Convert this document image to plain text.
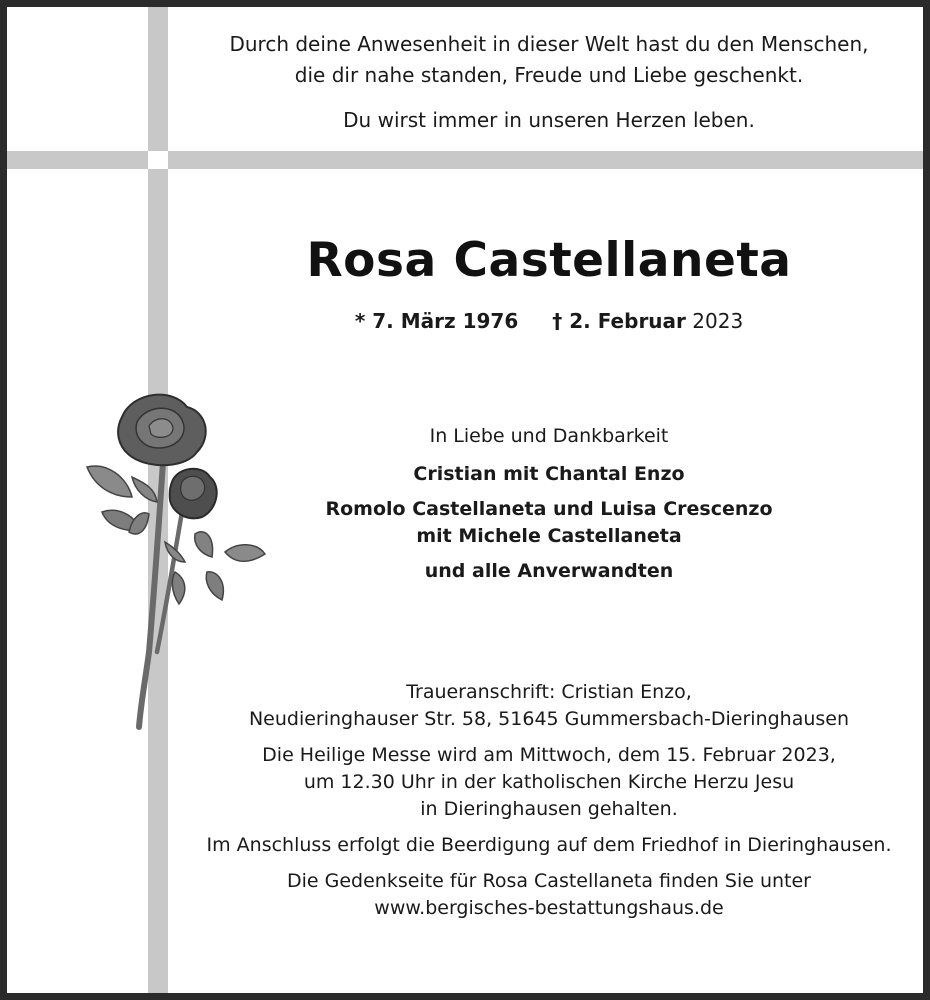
Durch deine Anwesenheit in dieser Welt hast du den Menschen,

die dir nahe standen, Freude und Liebe geschenkt.

Du wirst immer in unseren Herzen leben.

Rosa Castellaneta
* 7. März 1976 † 2. Februar 2023

In Liebe und Dankbarkeit

Cristian mit Chantal Enzo

Romolo Castellaneta und Luisa Crescenzo

mit Michele Castellaneta

und alle Anverwandten

Traueranschrift: Cristian Enzo,
Neudieringhauser Str. 58, 51645 Gummersbach-Dieringhausen

Die Heilige Messe wird am Mittwoch, dem 15. Februar 2023,
um 12.30 Uhr in der katholischen Kirche Herzu Jesu
in Dieringhausen gehalten.

Im Anschluss erfolgt die Beerdigung auf dem Friedhof in Dieringhausen.

Die Gedenkseite für Rosa Castellaneta finden Sie unter
www.bergisches-bestattungshaus.de
